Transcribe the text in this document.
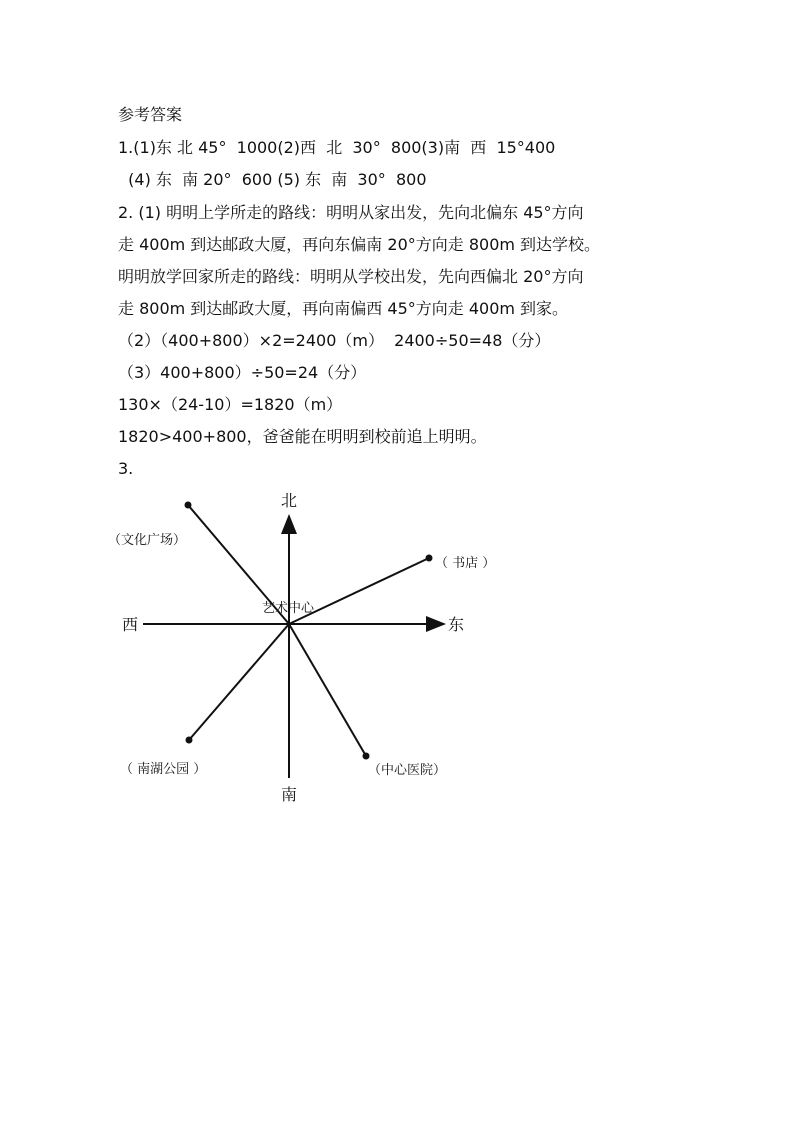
参考答案
1.(1)东 北 45°  1000(2)西  北  30°  800(3)南  西  15°400
(4) 东  南 20°  600 (5) 东  南  30°  800
2. (1) 明明上学所走的路线：明明从家出发，先向北偏东 45°方向
走 400m 到达邮政大厦，再向东偏南 20°方向走 800m 到达学校。
明明放学回家所走的路线：明明从学校出发，先向西偏北 20°方向
走 800m 到达邮政大厦，再向南偏西 45°方向走 400m 到家。
（2）（400+800）×2=2400（m）  2400÷50=48（分）
（3）400+800）÷50=24（分）
130×（24-10）=1820（m）
1820>400+800，爸爸能在明明到校前追上明明。
3.
北
南
西	东
艺术中心
（文化广场）
（ 书店 ）
（ 南湖公园 ）	（中心医院）
